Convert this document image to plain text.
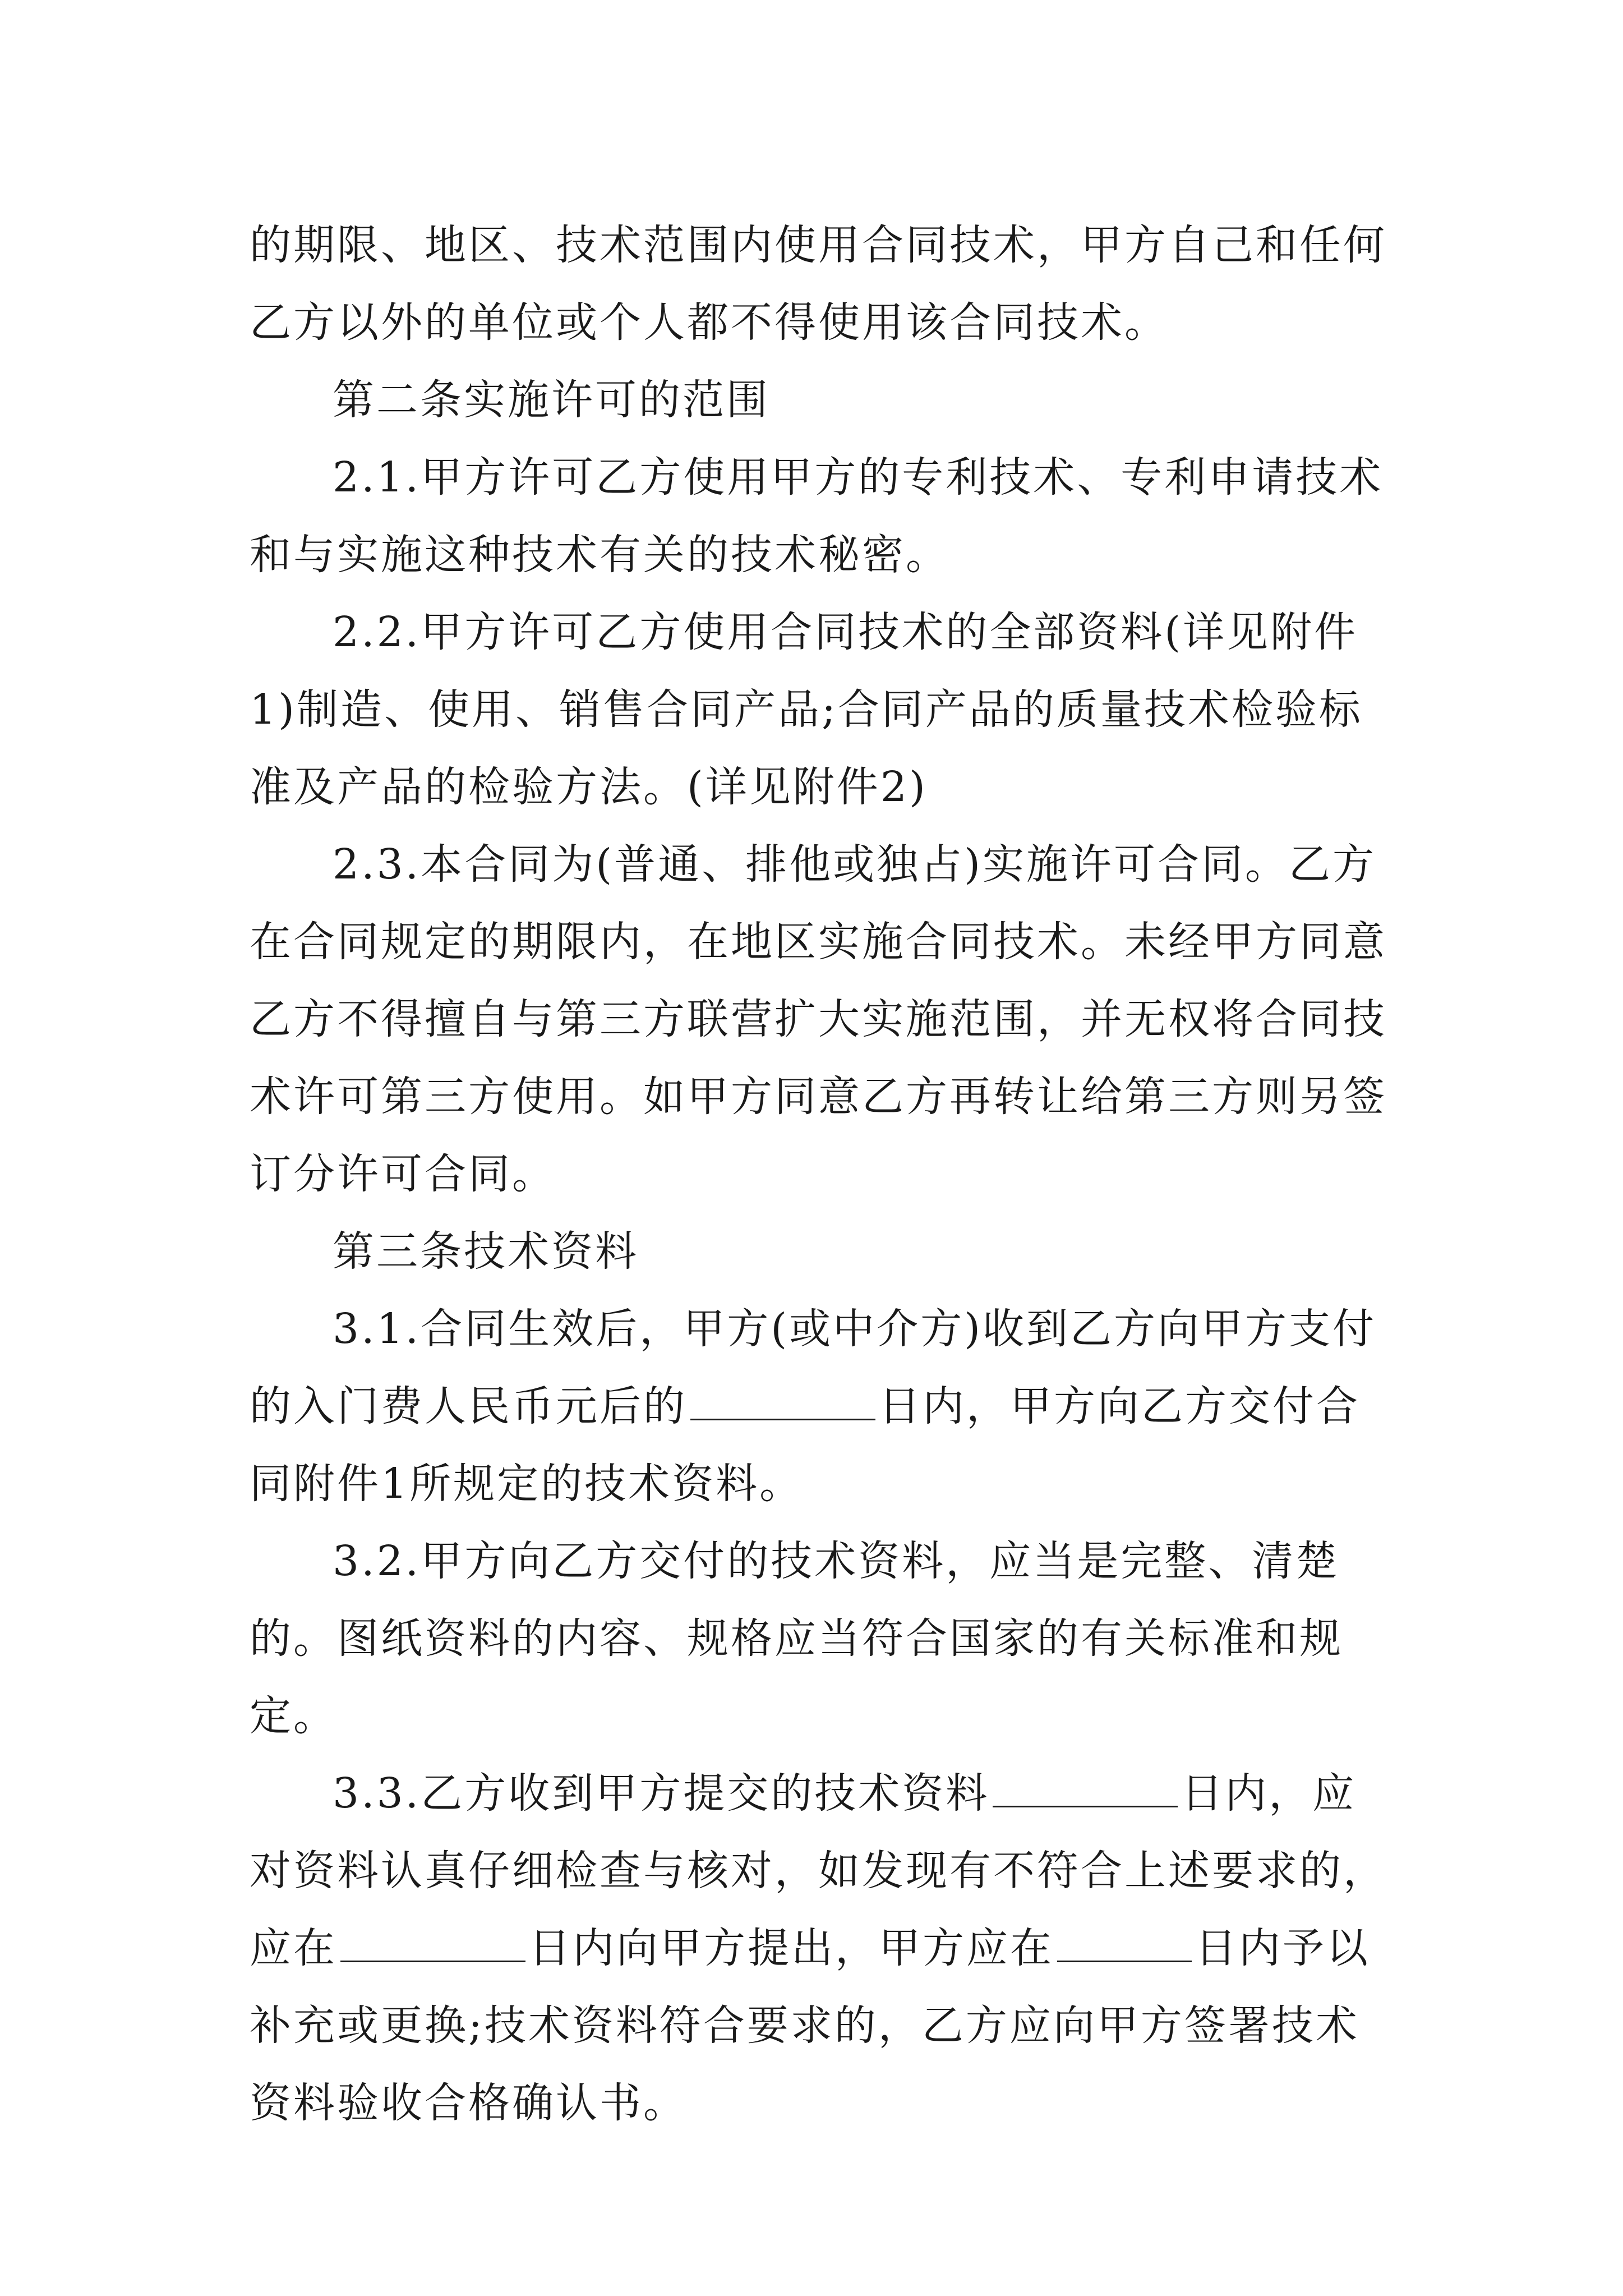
的期限、地区、技术范围内使用合同技术，甲方自己和任何乙方以外的单位或个人都不得使用该合同技术。

第二条实施许可的范围

2.1.甲方许可乙方使用甲方的专利技术、专利申请技术和与实施这种技术有关的技术秘密。

2.2.甲方许可乙方使用合同技术的全部资料(详见附件1)制造、使用、销售合同产品;合同产品的质量技术检验标准及产品的检验方法。(详见附件2)

2.3.本合同为(普通、排他或独占)实施许可合同。乙方在合同规定的期限内，在地区实施合同技术。未经甲方同意乙方不得擅自与第三方联营扩大实施范围，并无权将合同技术许可第三方使用。如甲方同意乙方再转让给第三方则另签订分许可合同。

第三条技术资料

3.1.合同生效后，甲方(或中介方)收到乙方向甲方支付的入门费人民币元后的	日内，甲方向乙方交付合同附件1所规定的技术资料。

3.2.甲方向乙方交付的技术资料，应当是完整、清楚的。图纸资料的内容、规格应当符合国家的有关标准和规定。

3.3.乙方收到甲方提交的技术资料	日内，应对资料认真仔细检查与核对，如发现有不符合上述要求的，应在	日内向甲方提出，甲方应在	日内予以补充或更换;技术资料符合要求的，乙方应向甲方签署技术资料验收合格确认书。
